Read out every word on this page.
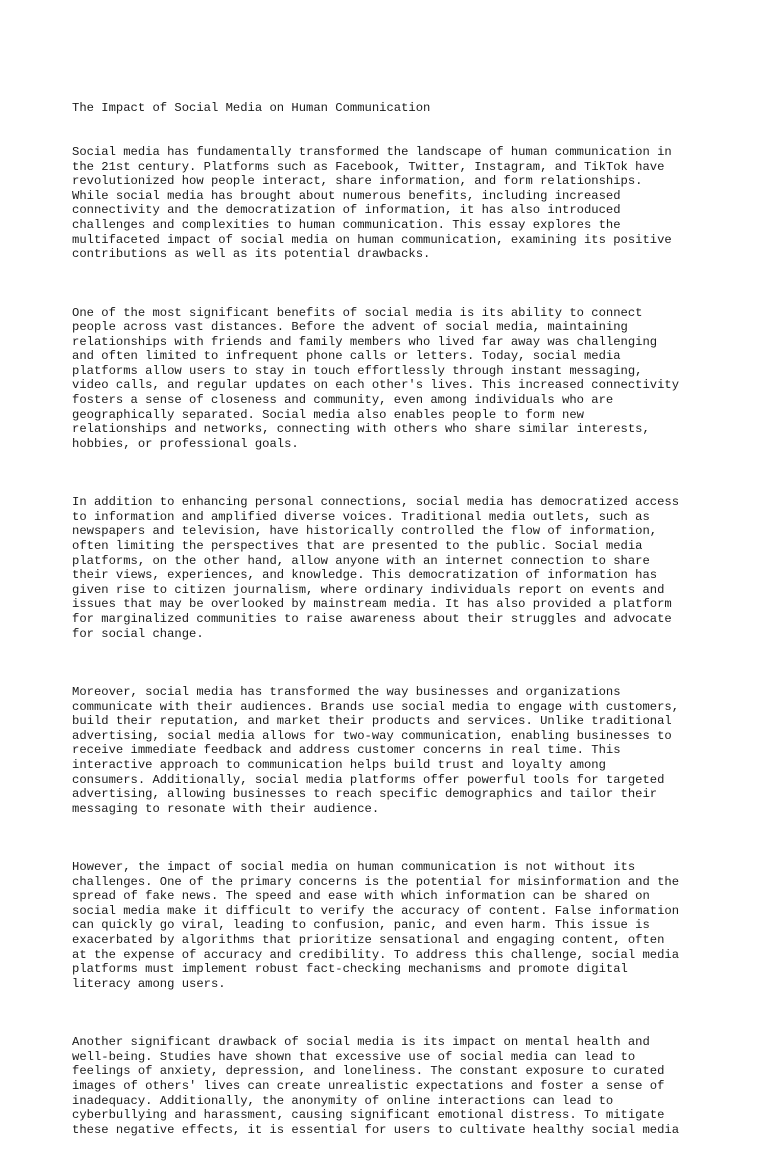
The Impact of Social Media on Human Communication

Social media has fundamentally transformed the landscape of human communication in
the 21st century. Platforms such as Facebook, Twitter, Instagram, and TikTok have
revolutionized how people interact, share information, and form relationships.
While social media has brought about numerous benefits, including increased
connectivity and the democratization of information, it has also introduced
challenges and complexities to human communication. This essay explores the
multifaceted impact of social media on human communication, examining its positive
contributions as well as its potential drawbacks.

One of the most significant benefits of social media is its ability to connect
people across vast distances. Before the advent of social media, maintaining
relationships with friends and family members who lived far away was challenging
and often limited to infrequent phone calls or letters. Today, social media
platforms allow users to stay in touch effortlessly through instant messaging,
video calls, and regular updates on each other's lives. This increased connectivity
fosters a sense of closeness and community, even among individuals who are
geographically separated. Social media also enables people to form new
relationships and networks, connecting with others who share similar interests,
hobbies, or professional goals.

In addition to enhancing personal connections, social media has democratized access
to information and amplified diverse voices. Traditional media outlets, such as
newspapers and television, have historically controlled the flow of information,
often limiting the perspectives that are presented to the public. Social media
platforms, on the other hand, allow anyone with an internet connection to share
their views, experiences, and knowledge. This democratization of information has
given rise to citizen journalism, where ordinary individuals report on events and
issues that may be overlooked by mainstream media. It has also provided a platform
for marginalized communities to raise awareness about their struggles and advocate
for social change.

Moreover, social media has transformed the way businesses and organizations
communicate with their audiences. Brands use social media to engage with customers,
build their reputation, and market their products and services. Unlike traditional
advertising, social media allows for two-way communication, enabling businesses to
receive immediate feedback and address customer concerns in real time. This
interactive approach to communication helps build trust and loyalty among
consumers. Additionally, social media platforms offer powerful tools for targeted
advertising, allowing businesses to reach specific demographics and tailor their
messaging to resonate with their audience.

However, the impact of social media on human communication is not without its
challenges. One of the primary concerns is the potential for misinformation and the
spread of fake news. The speed and ease with which information can be shared on
social media make it difficult to verify the accuracy of content. False information
can quickly go viral, leading to confusion, panic, and even harm. This issue is
exacerbated by algorithms that prioritize sensational and engaging content, often
at the expense of accuracy and credibility. To address this challenge, social media
platforms must implement robust fact-checking mechanisms and promote digital
literacy among users.

Another significant drawback of social media is its impact on mental health and
well-being. Studies have shown that excessive use of social media can lead to
feelings of anxiety, depression, and loneliness. The constant exposure to curated
images of others' lives can create unrealistic expectations and foster a sense of
inadequacy. Additionally, the anonymity of online interactions can lead to
cyberbullying and harassment, causing significant emotional distress. To mitigate
these negative effects, it is essential for users to cultivate healthy social media
